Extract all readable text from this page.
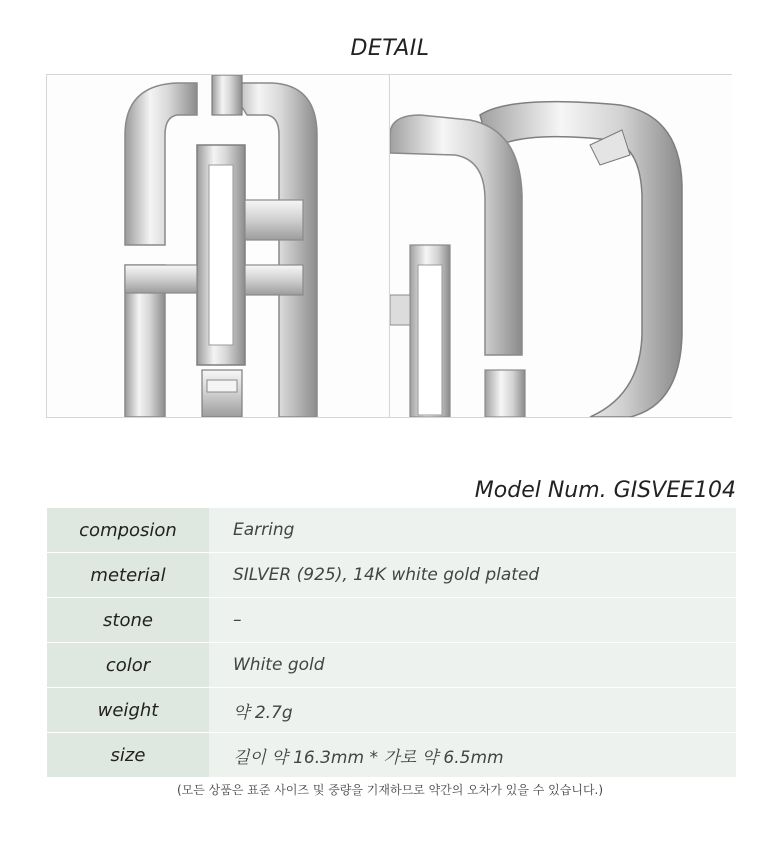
DETAIL
Model Num. GISVEE104
composion	Earring
meterial	SILVER (925), 14K white gold plated
stone	–
color	White gold
weight	약 2.7g
size	길이 약 16.3mm * 가로 약 6.5mm
(모든 상품은 표준 사이즈 및 중량을 기재하므로 약간의 오차가 있을 수 있습니다.)
